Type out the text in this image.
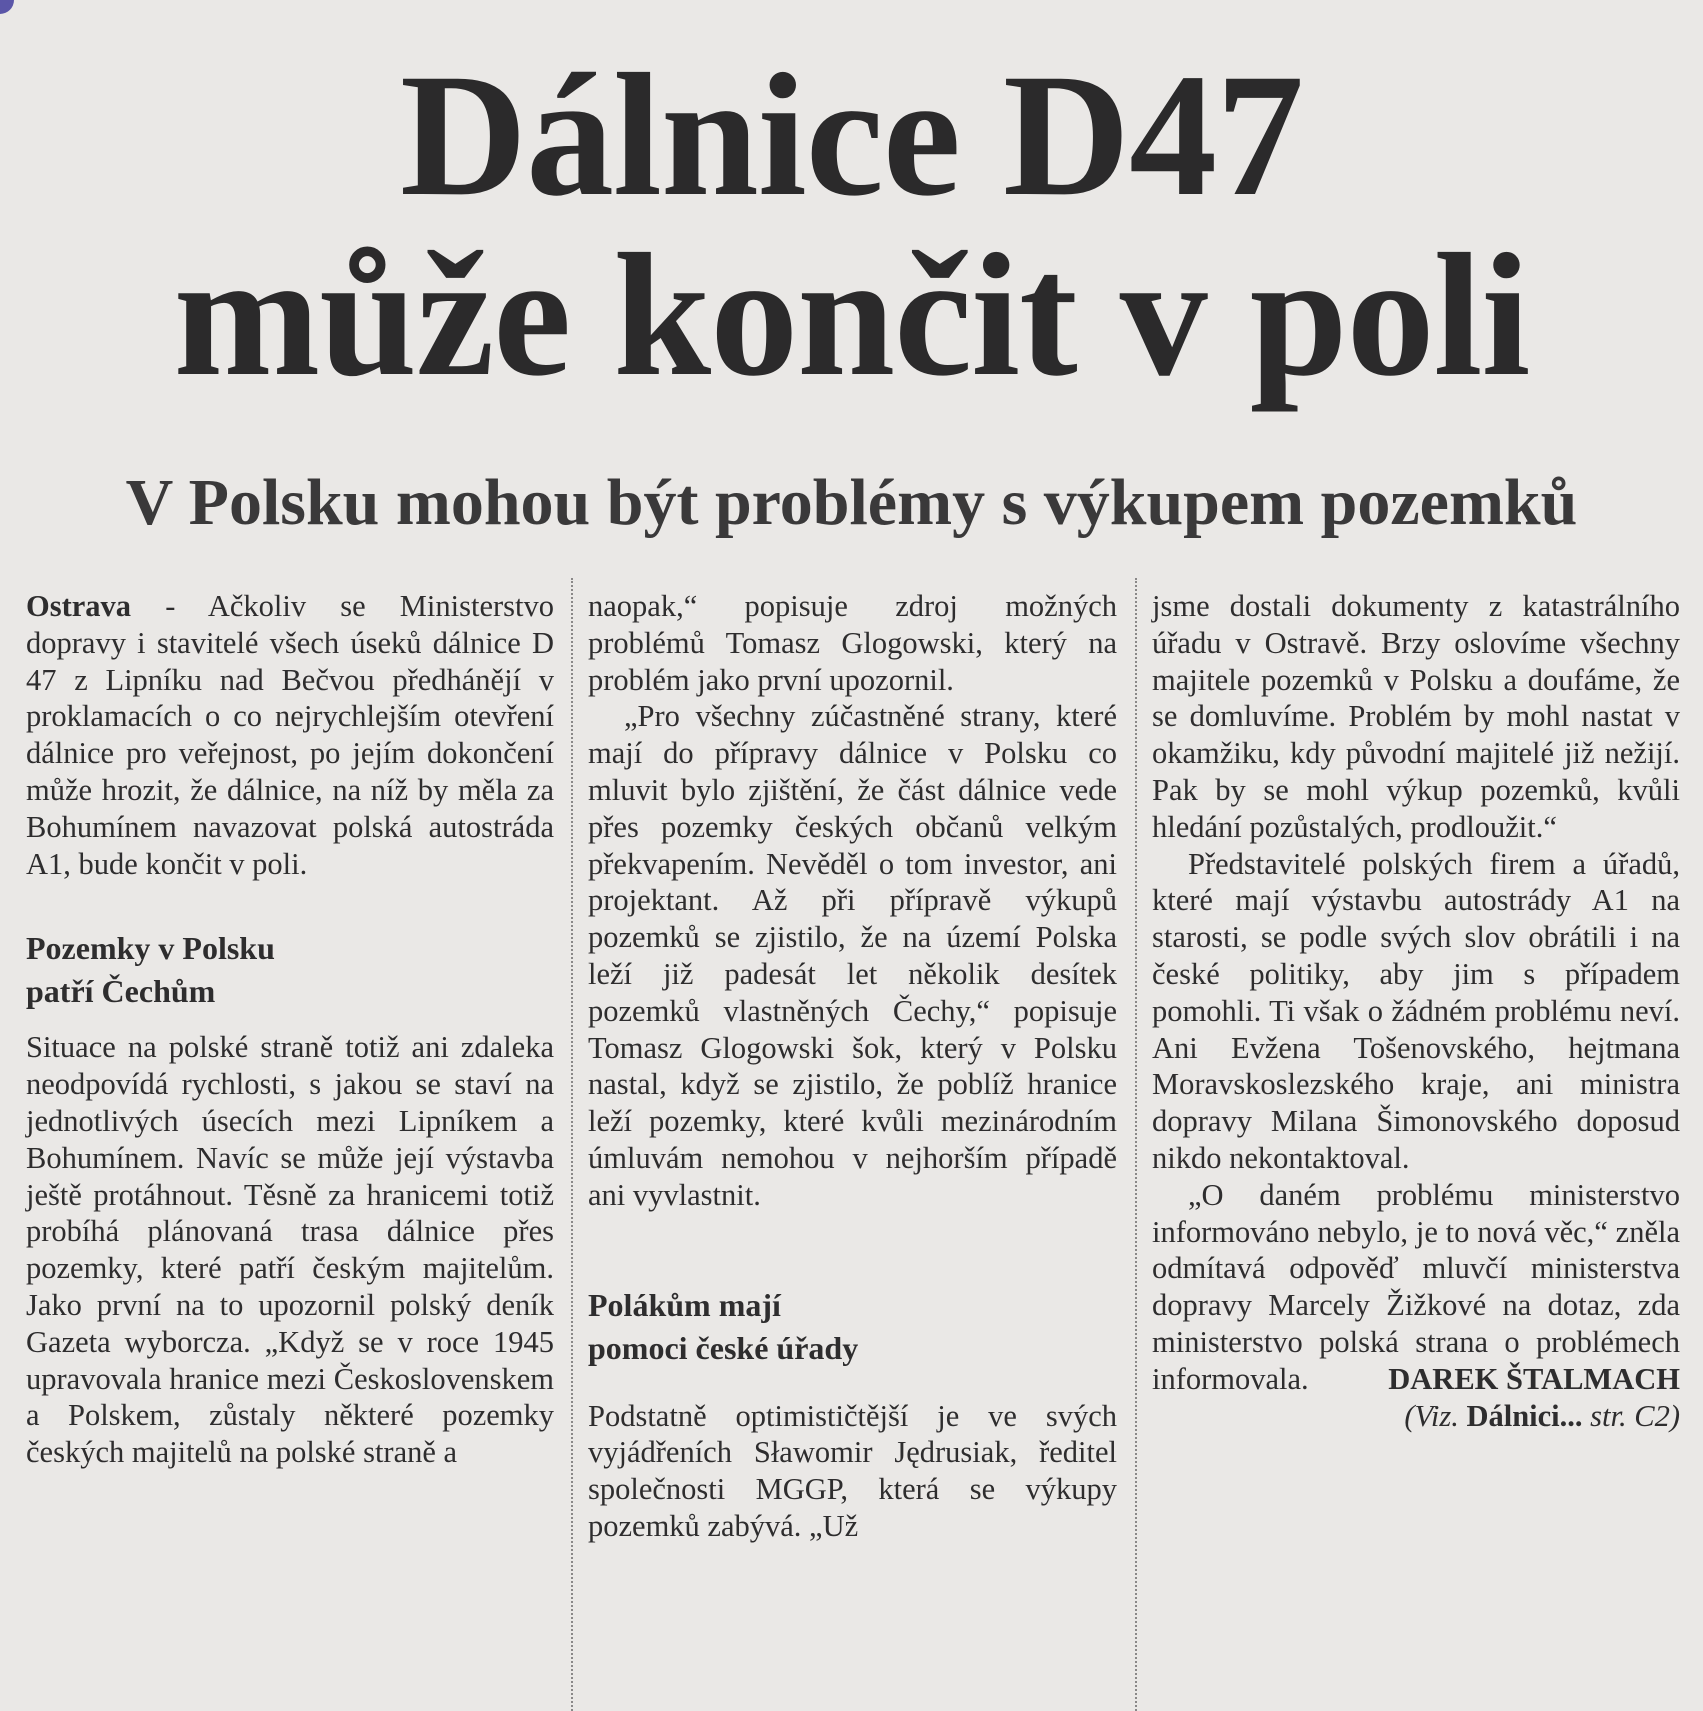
Dálnice D47
může končit v poli
V Polsku mohou být problémy s výkupem pozemků

Ostrava - Ačkoliv se Ministerstvo dopravy i stavitelé všech úseků dálnice D 47 z Lipníku nad Bečvou předhánějí v proklamacích o co nejrychlejším otevření dálnice pro veřejnost, po jejím dokončení může hrozit, že dálnice, na níž by měla za Bohumínem navazovat polská autostráda A1, bude končit v poli.

Pozemky v Polsku
patří Čechům

Situace na polské straně totiž ani zdaleka neodpovídá rychlosti, s jakou se staví na jednotlivých úsecích mezi Lipníkem a Bohumínem. Navíc se může její výstavba ještě protáhnout. Těsně za hranicemi totiž probíhá plánovaná trasa dálnice přes pozemky, které patří českým majitelům. Jako první na to upozornil polský deník Gazeta wyborcza. „Když se v roce 1945 upravovala hranice mezi Československem a Polskem, zůstaly některé pozemky českých majitelů na polské straně a

naopak,“ popisuje zdroj možných problémů Tomasz Glogowski, který na problém jako první upozornil.

„Pro všechny zúčastněné strany, které mají do přípravy dálnice v Polsku co mluvit bylo zjištění, že část dálnice vede přes pozemky českých občanů velkým překvapením. Nevěděl o tom investor, ani projektant. Až při přípravě výkupů pozemků se zjistilo, že na území Polska leží již padesát let několik desítek pozemků vlastněných Čechy,“ popisuje Tomasz Glogowski šok, který v Polsku nastal, když se zjistilo, že poblíž hranice leží pozemky, které kvůli mezinárodním úmluvám nemohou v nejhorším případě ani vyvlastnit.

Polákům mají
pomoci české úřady

Podstatně optimističtější je ve svých vyjádřeních Sławomir Jędrusiak, ředitel společnosti MGGP, která se výkupy pozemků zabývá. „Už

jsme dostali dokumenty z katastrálního úřadu v Ostravě. Brzy oslovíme všechny majitele pozemků v Polsku a doufáme, že se domluvíme. Problém by mohl nastat v okamžiku, kdy původní majitelé již nežijí. Pak by se mohl výkup pozemků, kvůli hledání pozůstalých, prodloužit.“

Představitelé polských firem a úřadů, které mají výstavbu autostrády A1 na starosti, se podle svých slov obrátili i na české politiky, aby jim s případem pomohli. Ti však o žádném problému neví. Ani Evžena Tošenovského, hejtmana Moravskoslezského kraje, ani ministra dopravy Milana Šimonovského doposud nikdo nekontaktoval.

„O daném problému ministerstvo informováno nebylo, je to nová věc,“ zněla odmítavá odpověď mluvčí ministerstva dopravy Marcely Žižkové na dotaz, zda ministerstvo polská strana o problémech informovala.	DAREK ŠTALMACH

(Viz. Dálnici... str. C2)
